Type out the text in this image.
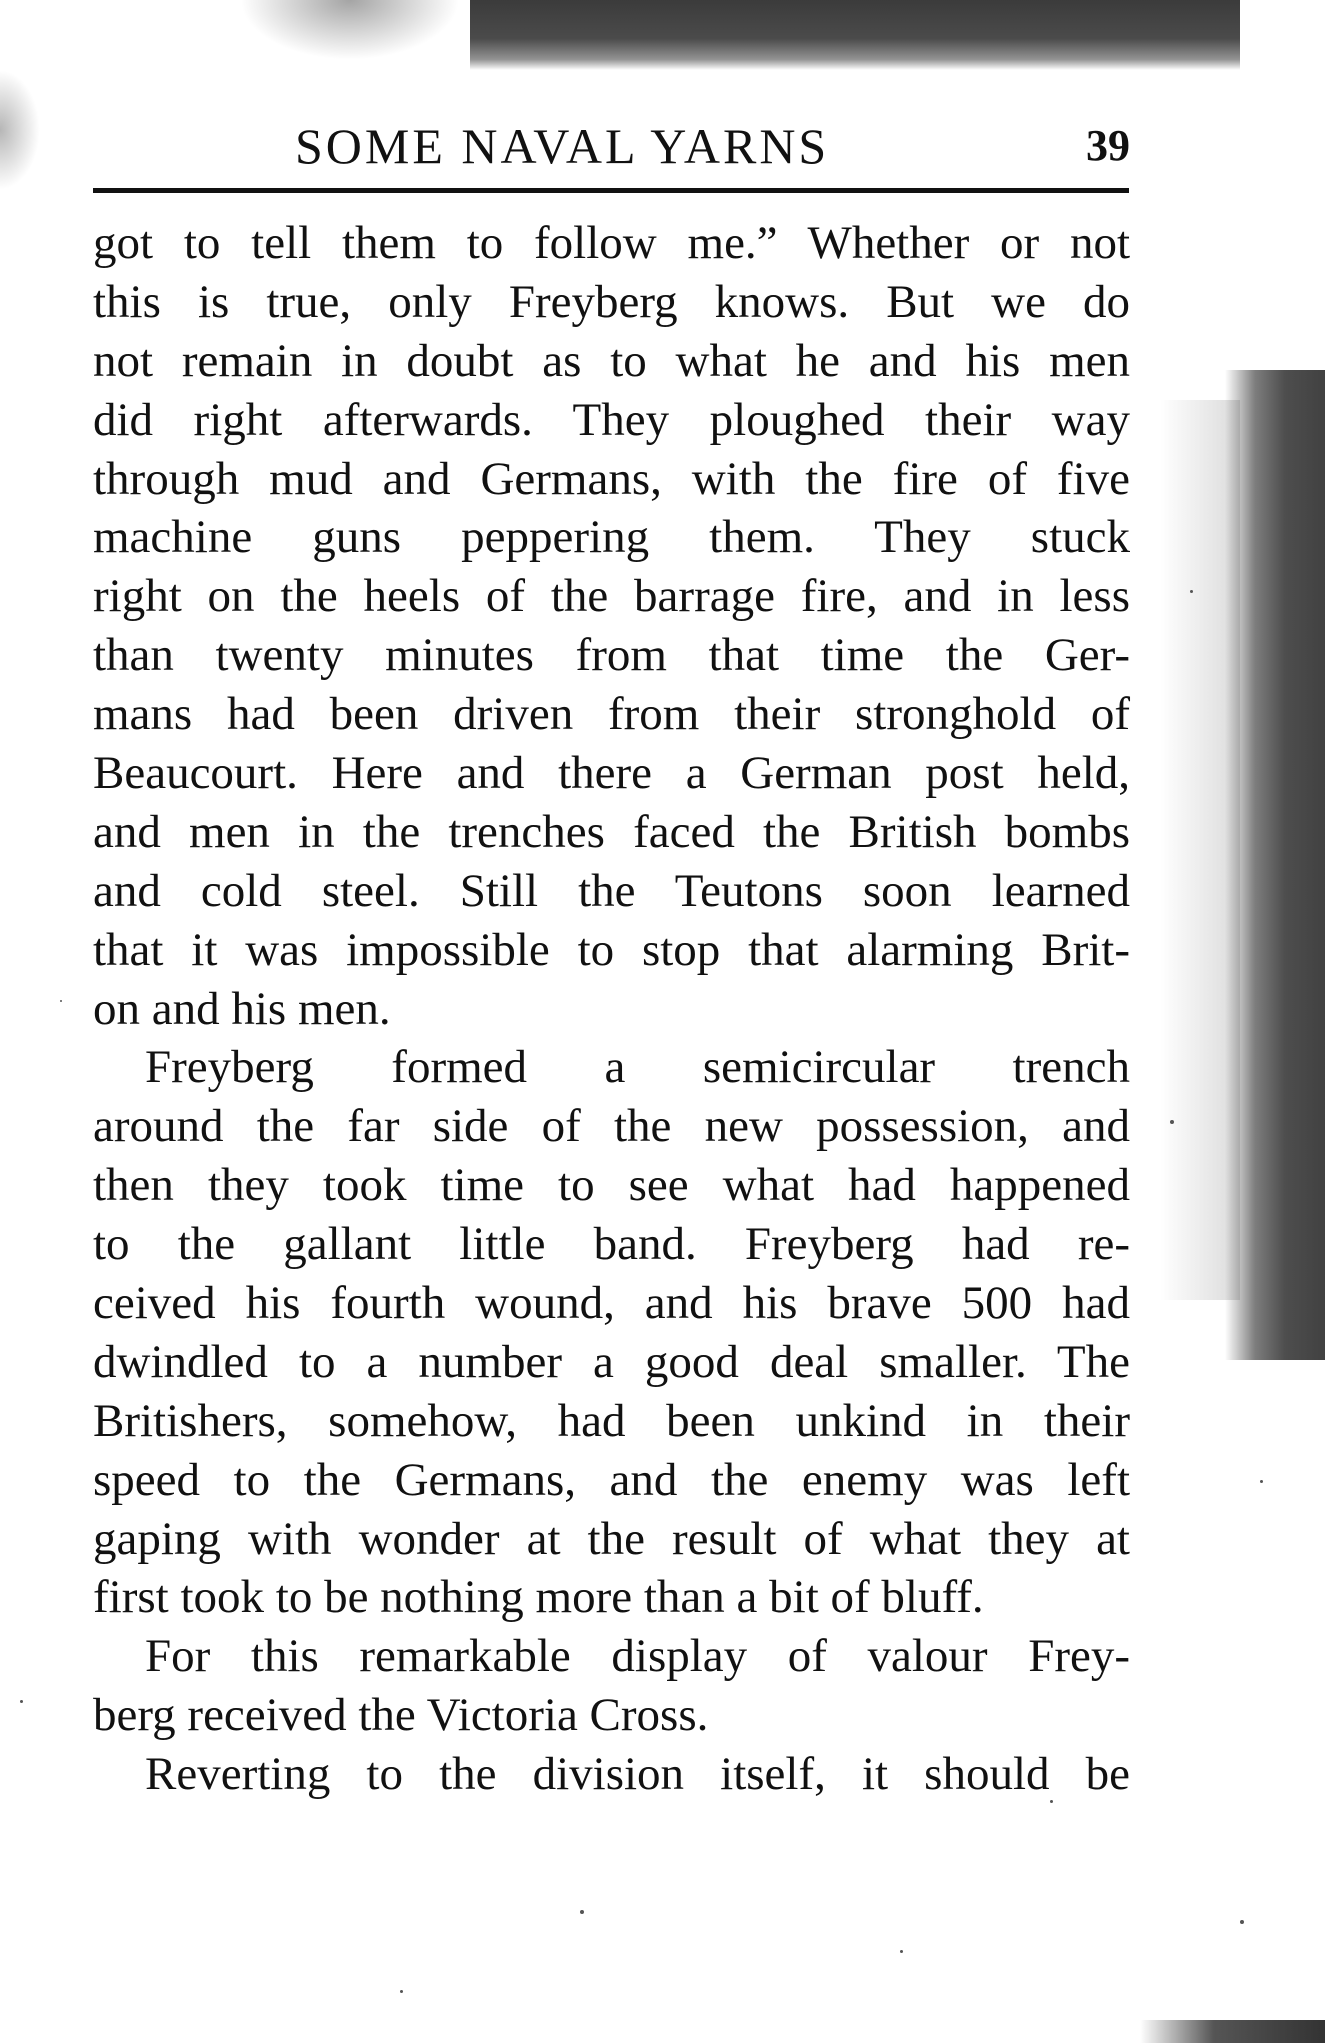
SOME NAVAL YARNS	39
got to tell them to follow me.” Whether or not
this is true, only Freyberg knows. But we do
not remain in doubt as to what he and his men
did right afterwards. They ploughed their way
through mud and Germans, with the fire of five
machine guns peppering them. They stuck
right on the heels of the barrage fire, and in less
than twenty minutes from that time the Ger-
mans had been driven from their stronghold of
Beaucourt. Here and there a German post held,
and men in the trenches faced the British bombs
and cold steel. Still the Teutons soon learned
that it was impossible to stop that alarming Brit-
on and his men.
Freyberg formed a semicircular trench
around the far side of the new possession, and
then they took time to see what had happened
to the gallant little band. Freyberg had re-
ceived his fourth wound, and his brave 500 had
dwindled to a number a good deal smaller. The
Britishers, somehow, had been unkind in their
speed to the Germans, and the enemy was left
gaping with wonder at the result of what they at
first took to be nothing more than a bit of bluff.
For this remarkable display of valour Frey-
berg received the Victoria Cross.
Reverting to the division itself, it should be
